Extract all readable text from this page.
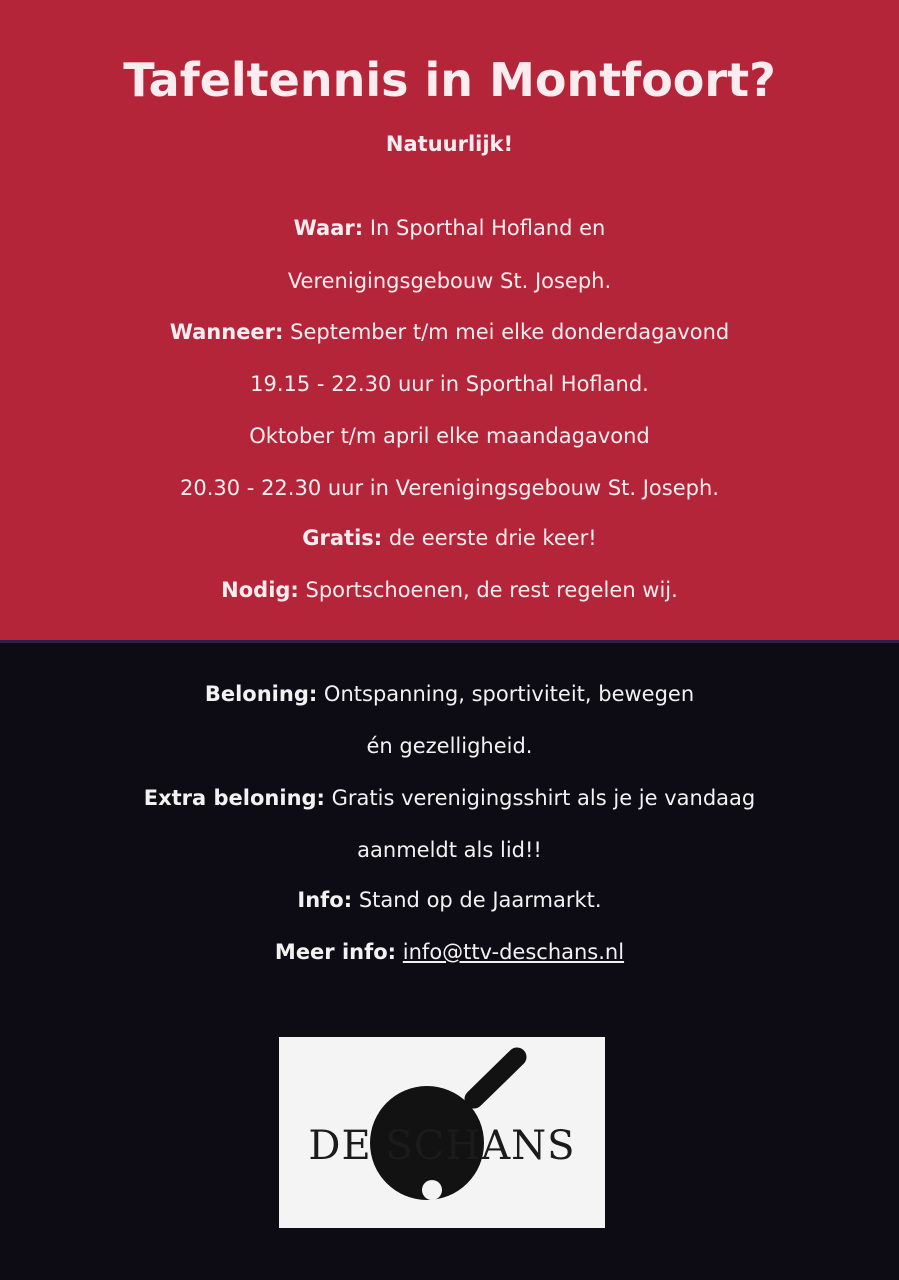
Tafeltennis in Montfoort?
Natuurlijk!
Waar: In Sporthal Hofland en
Verenigingsgebouw St. Joseph.
Wanneer: September t/m mei elke donderdagavond
19.15 - 22.30 uur in Sporthal Hofland.
Oktober t/m april elke maandagavond
20.30 - 22.30 uur in Verenigingsgebouw St. Joseph.
Gratis: de eerste drie keer!
Nodig: Sportschoenen, de rest regelen wij.
Beloning: Ontspanning, sportiviteit, bewegen
én gezelligheid.
Extra beloning: Gratis verenigingsshirt als je je vandaag
aanmeldt als lid!!
Info: Stand op de Jaarmarkt.
Meer info: info@ttv-deschans.nl
DE SCHANS
